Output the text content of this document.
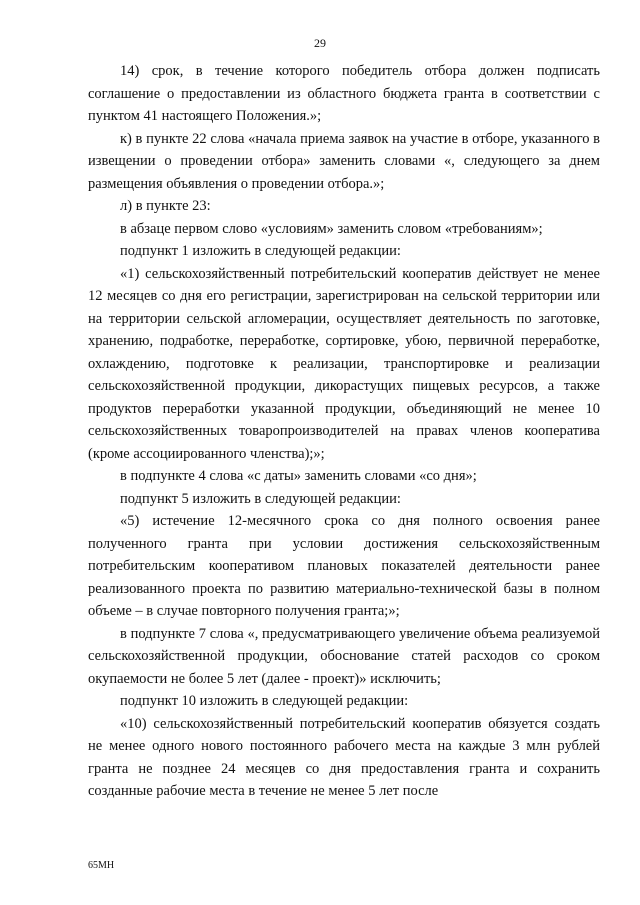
29

14) срок, в течение которого победитель отбора должен подписать соглашение о предоставлении из областного бюджета гранта в соответствии с пунктом 41 настоящего Положения.»;

к) в пункте 22 слова «начала приема заявок на участие в отборе, указанного в извещении о проведении отбора» заменить словами «, следующего за днем размещения объявления о проведении отбора.»;

л) в пункте 23:

в абзаце первом слово «условиям» заменить словом «требованиям»;

подпункт 1 изложить в следующей редакции:

«1) сельскохозяйственный потребительский кооператив действует не менее 12 месяцев со дня его регистрации, зарегистрирован на сельской территории или на территории сельской агломерации, осуществляет деятельность по заготовке, хранению, подработке, переработке, сортировке, убою, первичной переработке, охлаждению, подготовке к реализации, транспортировке и реализации сельскохозяйственной продукции, дикорастущих пищевых ресурсов, а также продуктов переработки указанной продукции, объединяющий не менее 10 сельскохозяйственных товаропроизводителей на правах членов кооператива (кроме ассоциированного членства);»;

в подпункте 4 слова «с даты» заменить словами «со дня»;

подпункт 5 изложить в следующей редакции:

«5) истечение 12-месячного срока со дня полного освоения ранее полученного гранта при условии достижения сельскохозяйственным потребительским кооперативом плановых показателей деятельности ранее реализованного проекта по развитию материально-технической базы в полном объеме – в случае повторного получения гранта;»;

в подпункте 7 слова «, предусматривающего увеличение объема реализуемой сельскохозяйственной продукции, обоснование статей расходов со сроком окупаемости не более 5 лет (далее - проект)» исключить;

подпункт 10 изложить в следующей редакции:

«10) сельскохозяйственный потребительский кооператив обязуется создать не менее одного нового постоянного рабочего места на каждые 3 млн рублей гранта не позднее 24 месяцев со дня предоставления гранта и сохранить созданные рабочие места в течение не менее 5 лет после

65МН
